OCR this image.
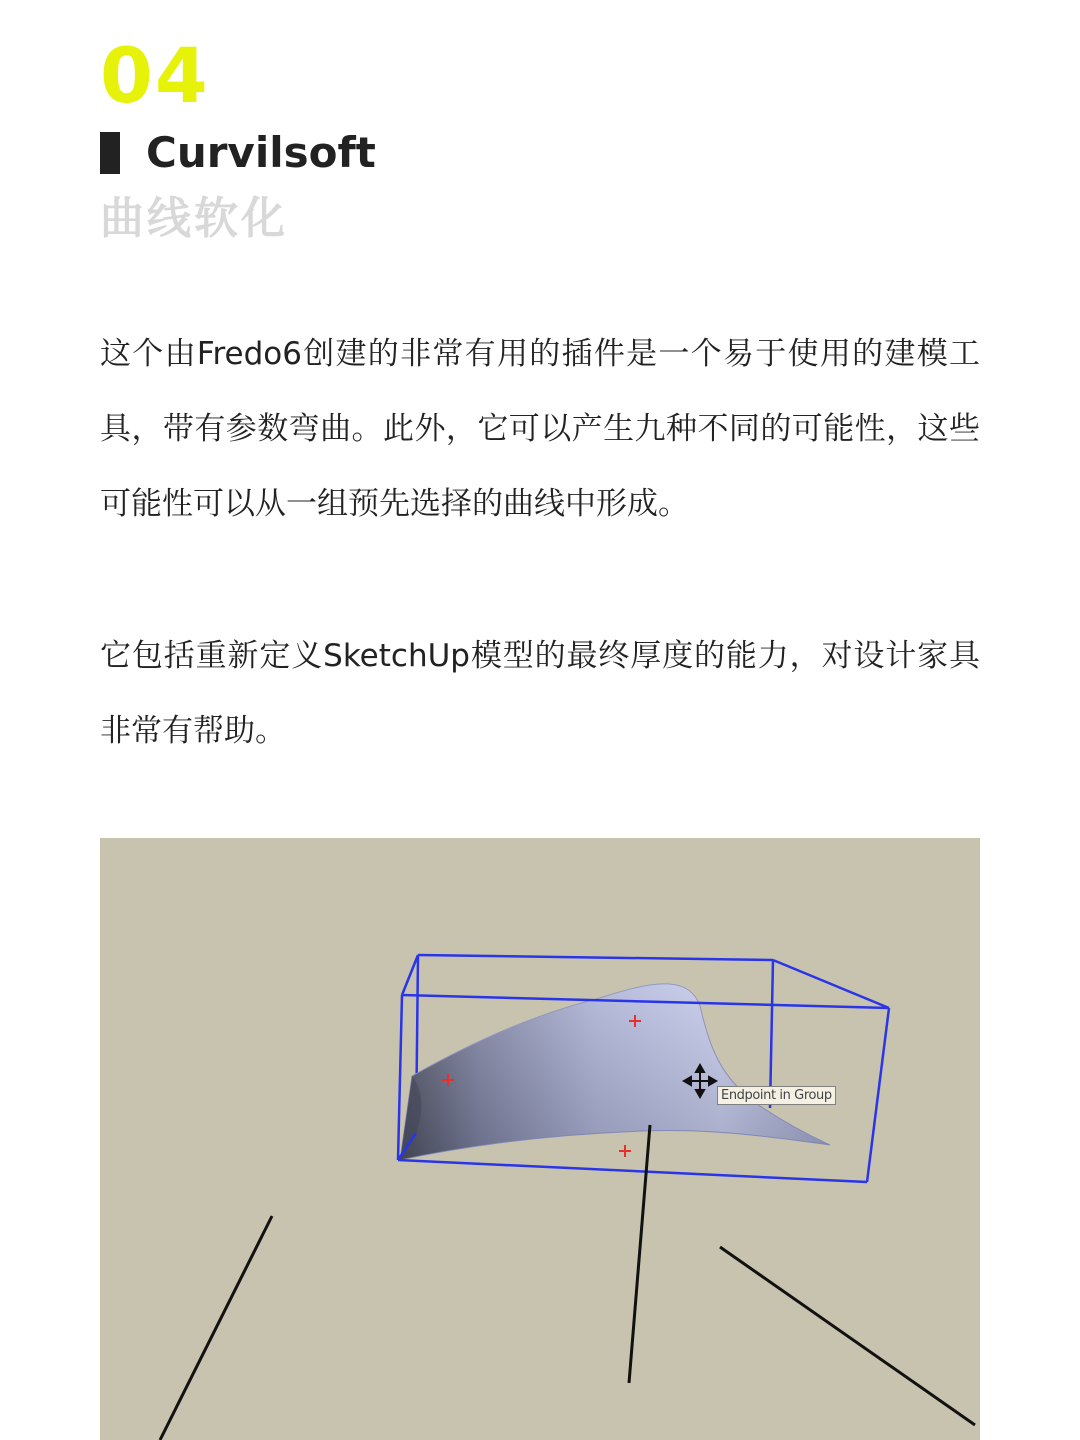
04
Curvilsoft
曲线软化

这个由Fredo6创建的非常有用的插件是一个易于使用的建模工具，带有参数弯曲。此外，它可以产生九种不同的可能性，这些可能性可以从一组预先选择的曲线中形成。

它包括重新定义SketchUp模型的最终厚度的能力，对设计家具非常有帮助。

Endpoint in Group
